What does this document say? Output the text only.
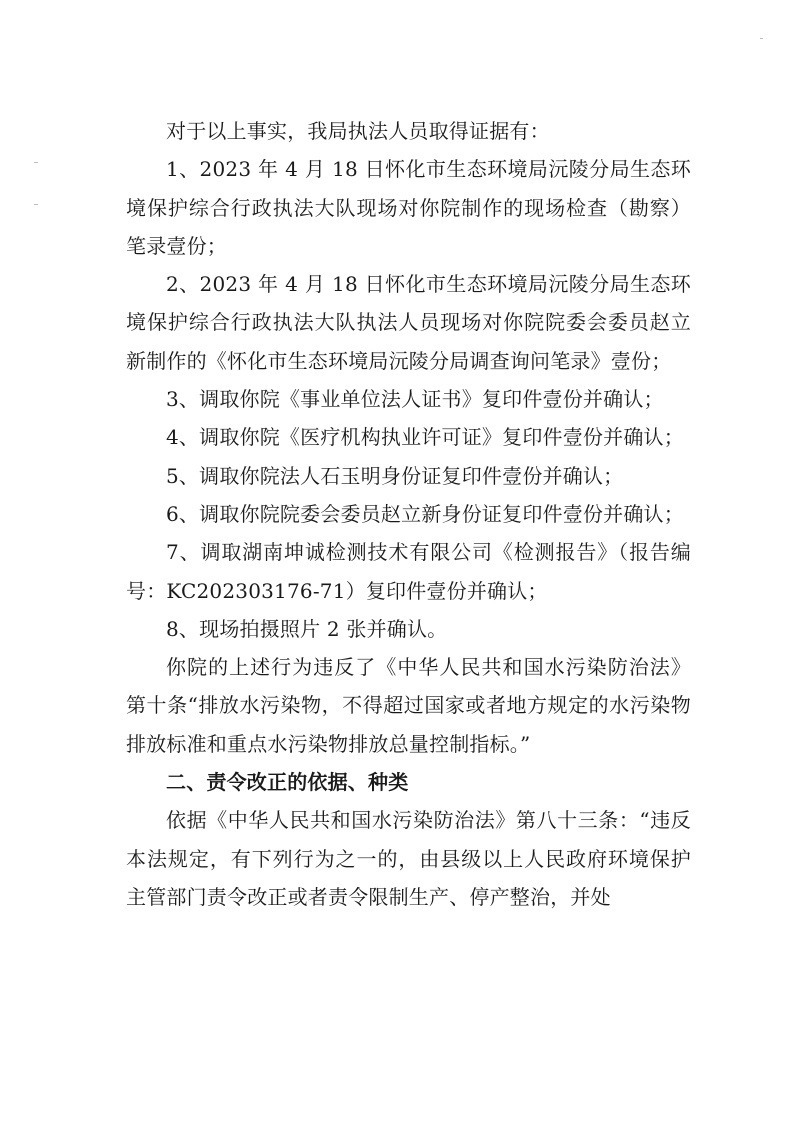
对于以上事实，我局执法人员取得证据有：

1、2023 年 4 月 18 日怀化市生态环境局沅陵分局生态环境保护综合行政执法大队现场对你院制作的现场检查（勘察）笔录壹份；

2、2023 年 4 月 18 日怀化市生态环境局沅陵分局生态环境保护综合行政执法大队执法人员现场对你院院委会委员赵立新制作的《怀化市生态环境局沅陵分局调查询问笔录》壹份；

3、调取你院《事业单位法人证书》复印件壹份并确认；

4、调取你院《医疗机构执业许可证》复印件壹份并确认；

5、调取你院法人石玉明身份证复印件壹份并确认；

6、调取你院院委会委员赵立新身份证复印件壹份并确认；

7、调取湖南坤诚检测技术有限公司《检测报告》（报告编号：KC202303176-71）复印件壹份并确认；

8、现场拍摄照片 2 张并确认。

你院的上述行为违反了《中华人民共和国水污染防治法》第十条“排放水污染物，不得超过国家或者地方规定的水污染物排放标准和重点水污染物排放总量控制指标。”

二、责令改正的依据、种类

依据《中华人民共和国水污染防治法》第八十三条：“违反本法规定，有下列行为之一的，由县级以上人民政府环境保护主管部门责令改正或者责令限制生产、停产整治，并处
